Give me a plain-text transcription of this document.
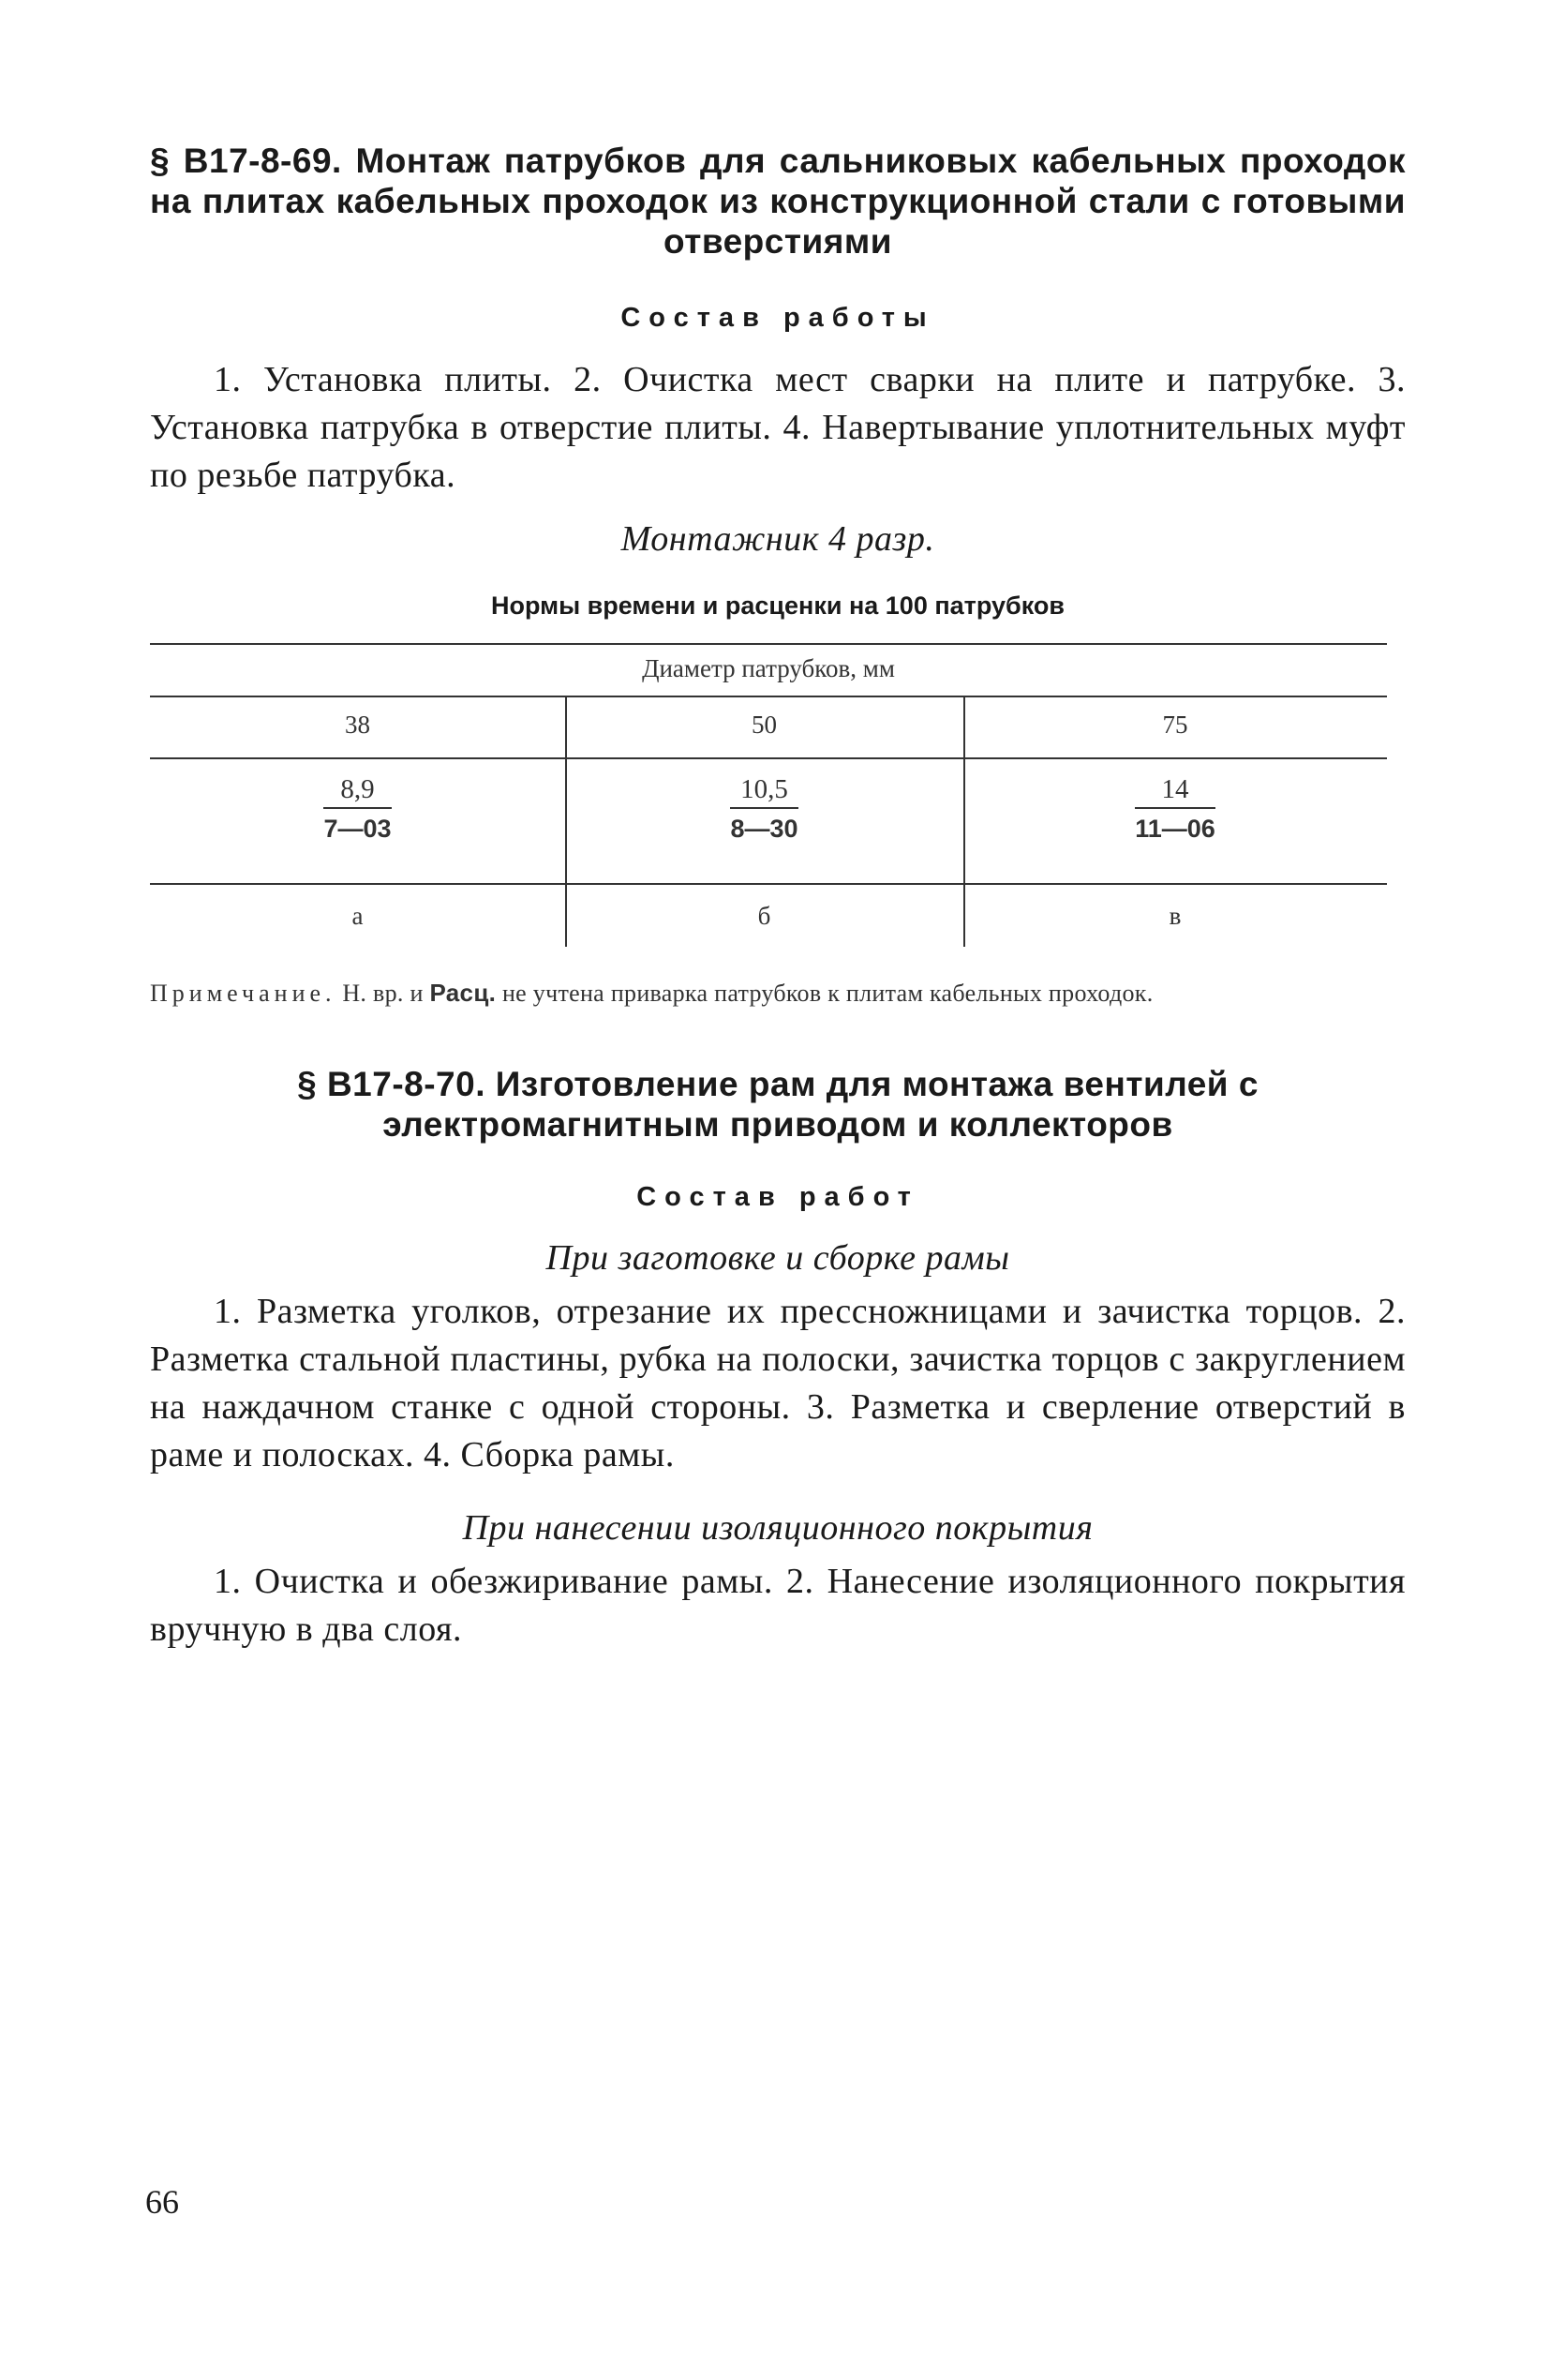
§ В17-8-69. Монтаж патрубков для сальниковых кабельных проходок на плитах кабельных проходок из конструкционной стали с готовыми отверстиями

Состав работы

1. Установка плиты. 2. Очистка мест сварки на плите и патрубке. 3. Установка патрубка в отверстие плиты. 4. Навертывание уплотнительных муфт по резьбе патрубка.

Монтажник 4 разр.

Нормы времени и расценки на 100 патрубков

Диаметр патрубков, мм
38	50	75
$\frac{8,9}{7—03}$	$\frac{10,5}{8—30}$	$\frac{14}{11—06}$
а	б	в

Примечание. Н. вр. и Расц. не учтена приварка патрубков к плитам кабельных проходок.

§ В17-8-70. Изготовление рам для монтажа вентилей с электромагнитным приводом и коллекторов

Состав работ

При заготовке и сборке рамы

1. Разметка уголков, отрезание их прессножницами и зачистка торцов. 2. Разметка стальной пластины, рубка на полоски, зачистка торцов с закруглением на наждачном станке с одной стороны. 3. Разметка и сверление отверстий в раме и полосках. 4. Сборка рамы.

При нанесении изоляционного покрытия

1. Очистка и обезжиривание рамы. 2. Нанесение изоляционного покрытия вручную в два слоя.

66
